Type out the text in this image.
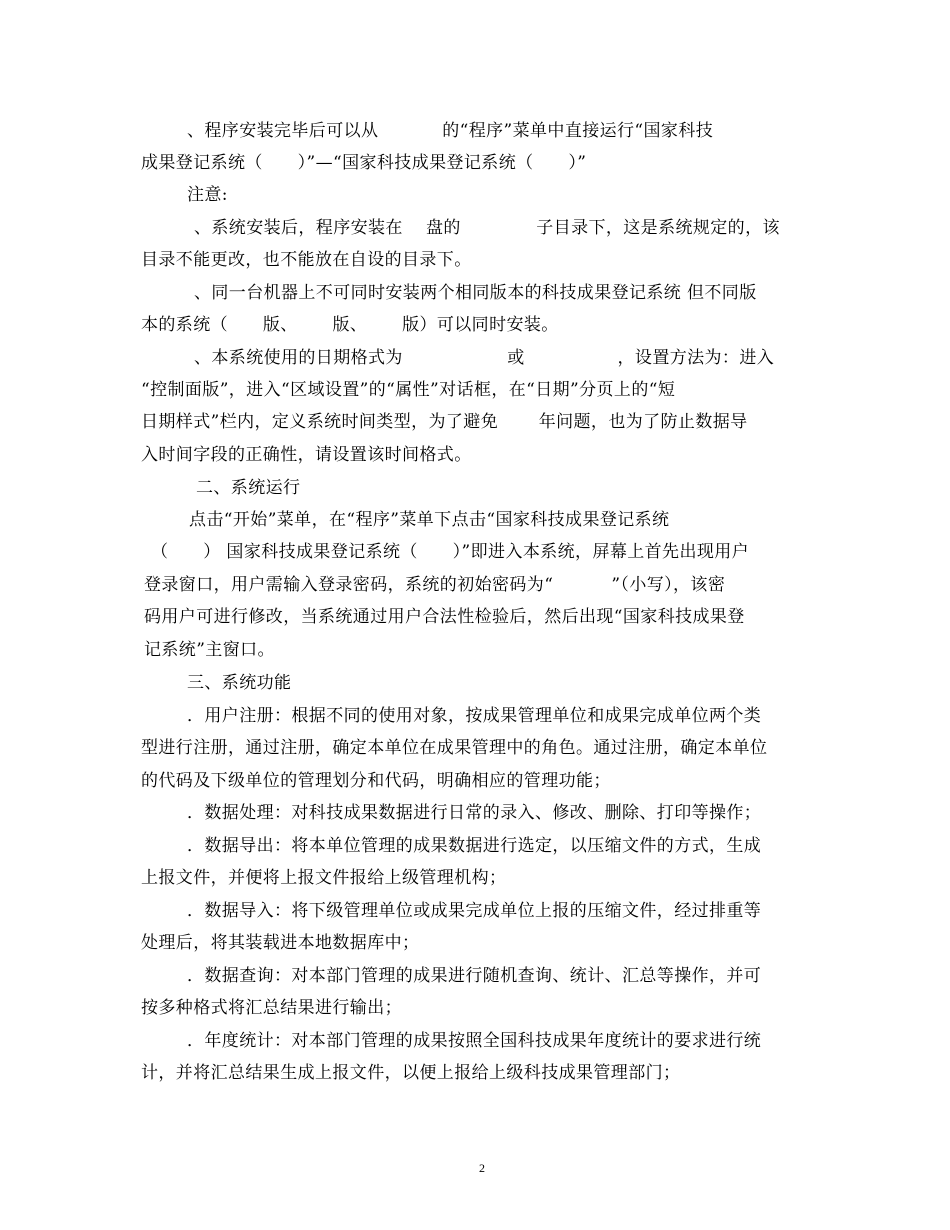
、程序安装完毕后可以从           的“程序”菜单中直接运行“国家科技
成果登记系统（      ）”—“国家科技成果登记系统（      ）”
注意:
、系统安装后，程序安装在    盘的             子目录下，这是系统规定的，该
目录不能更改，也不能放在自设的目录下。
、同一台机器上不可同时安装两个相同版本的科技成果登记系统 但不同版
本的系统（      版、      版、      版）可以同时安装。
、本系统使用的日期格式为                  或                ，设置方法为：进入
“控制面版”，进入“区域设置”的“属性”对话框，在“日期”分页上的“短
日期样式”栏内，定义系统时间类型，为了避免       年问题，也为了防止数据导
入时间字段的正确性，请设置该时间格式。
二、系统运行
点击“开始”菜单，在“程序”菜单下点击“国家科技成果登记系统
（      ） 国家科技成果登记系统（      ）”即进入本系统，屏幕上首先出现用户
登录窗口，用户需输入登录密码，系统的初始密码为“          ”（小写），该密
码用户可进行修改，当系统通过用户合法性检验后，然后出现“国家科技成果登
记系统”主窗口。
三、系统功能
．用户注册：根据不同的使用对象，按成果管理单位和成果完成单位两个类
型进行注册，通过注册，确定本单位在成果管理中的角色。通过注册，确定本单位
的代码及下级单位的管理划分和代码，明确相应的管理功能；
．数据处理：对科技成果数据进行日常的录入、修改、删除、打印等操作；
．数据导出：将本单位管理的成果数据进行选定，以压缩文件的方式，生成
上报文件，并便将上报文件报给上级管理机构；
．数据导入：将下级管理单位或成果完成单位上报的压缩文件，经过排重等
处理后，将其装载进本地数据库中；
．数据查询：对本部门管理的成果进行随机查询、统计、汇总等操作，并可
按多种格式将汇总结果进行输出；
．年度统计：对本部门管理的成果按照全国科技成果年度统计的要求进行统
计，并将汇总结果生成上报文件，以便上报给上级科技成果管理部门；
2
